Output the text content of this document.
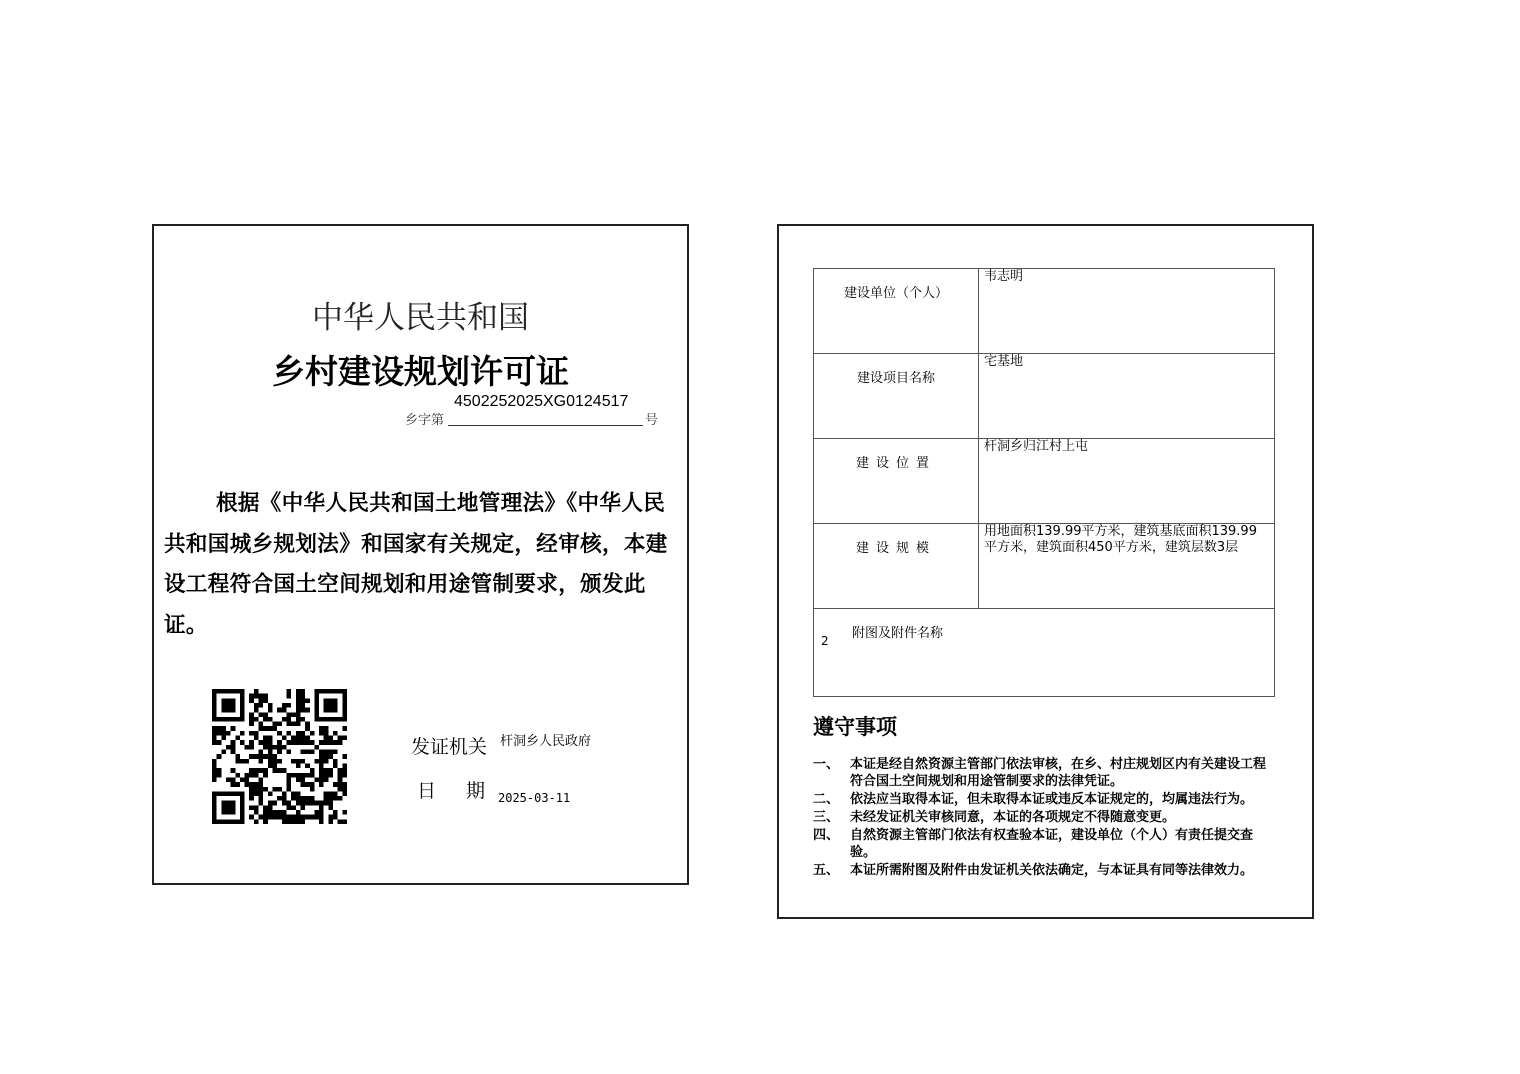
中华人民共和国
乡村建设规划许可证
4502252025XG0124517
乡字第	号

根据《中华人民共和国土地管理法》《中华人民共和国城乡规划法》和国家有关规定，经审核，本建设工程符合国土空间规划和用途管制要求，颁发此证。

发证机关 杆洞乡人民政府
日期
2025-03-11
建设单位（个人）	韦志明

建设项目名称	宅基地

建设位置	杆洞乡归江村上屯

建设规模	用地面积139.99平方米，建筑基底面积139.99平方米，建筑面积450平方米，建筑层数3层

2 附图及附件名称	
遵守事项
一、 本证是经自然资源主管部门依法审核，在乡、村庄规划区内有关建设工程符合国土空间规划和用途管制要求的法律凭证。
二、 依法应当取得本证，但未取得本证或违反本证规定的，均属违法行为。
三、 未经发证机关审核同意，本证的各项规定不得随意变更。
四、 自然资源主管部门依法有权查验本证，建设单位（个人）有责任提交查验。
五、 本证所需附图及附件由发证机关依法确定，与本证具有同等法律效力。
